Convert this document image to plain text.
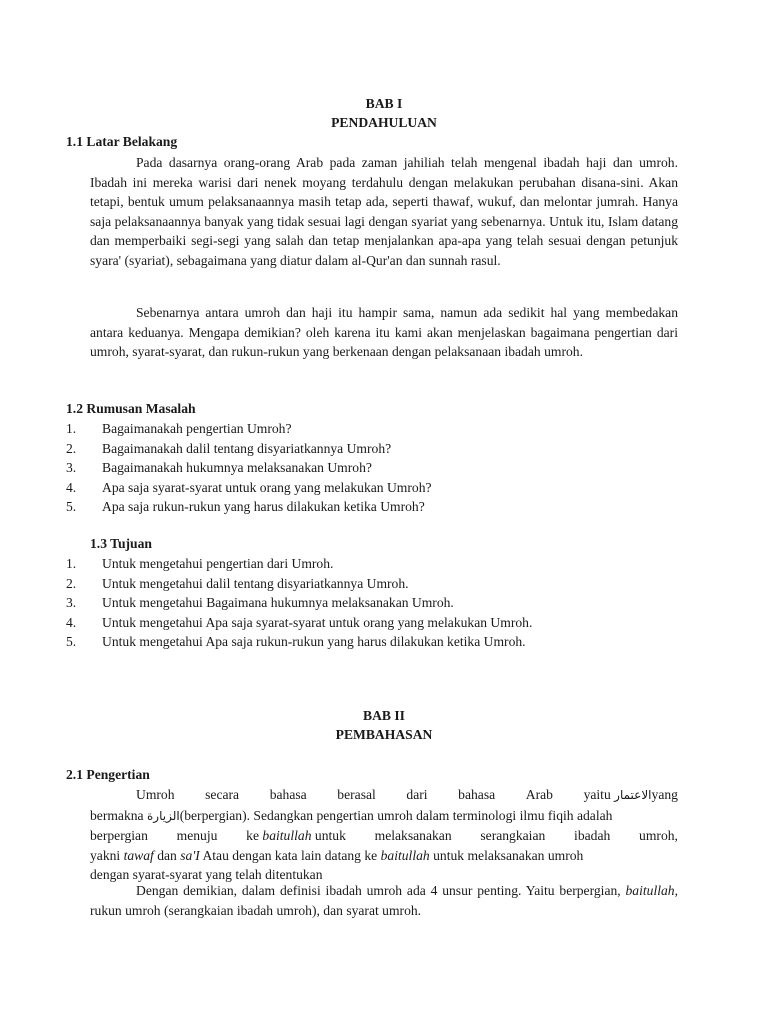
BAB I
PENDAHULUAN
1.1 Latar Belakang
Pada dasarnya orang-orang Arab pada zaman jahiliah telah mengenal ibadah haji dan umroh. Ibadah ini mereka warisi dari nenek moyang terdahulu dengan melakukan perubahan disana-sini. Akan tetapi, bentuk umum pelaksanaannya masih tetap ada, seperti thawaf, wukuf, dan melontar jumrah. Hanya saja pelaksanaannya banyak yang tidak sesuai lagi dengan syariat yang sebenarnya. Untuk itu, Islam datang dan memperbaiki segi-segi yang salah dan tetap menjalankan apa-apa yang telah sesuai dengan petunjuk syara' (syariat), sebagaimana yang diatur dalam al-Qur'an dan sunnah rasul.
Sebenarnya antara umroh dan haji itu hampir sama, namun ada sedikit hal yang membedakan antara keduanya. Mengapa demikian? oleh karena itu kami akan menjelaskan bagaimana pengertian dari umroh, syarat-syarat, dan rukun-rukun yang berkenaan dengan pelaksanaan ibadah umroh.
1.2 Rumusan Masalah
1. Bagaimanakah pengertian Umroh?
2. Bagaimanakah dalil tentang disyariatkannya Umroh?
3. Bagaimanakah hukumnya melaksanakan Umroh?
4. Apa saja syarat-syarat untuk orang yang melakukan Umroh?
5. Apa saja rukun-rukun yang harus dilakukan ketika Umroh?
1.3 Tujuan
1. Untuk mengetahui pengertian dari Umroh.
2. Untuk mengetahui dalil tentang disyariatkannya Umroh.
3. Untuk mengetahui Bagaimana hukumnya melaksanakan Umroh.
4. Untuk mengetahui Apa saja syarat-syarat untuk orang yang melakukan Umroh.
5. Untuk mengetahui Apa saja rukun-rukun yang harus dilakukan ketika Umroh.
BAB II
PEMBAHASAN
2.1 Pengertian
Umroh secara bahasa berasal dari bahasa Arab yaitu الاعتمارyang
bermakna الزيارة(berpergian). Sedangkan pengertian umroh dalam terminologi ilmu fiqih adalah
berpergian menuju ke baitullah untuk melaksanakan serangkaian ibadah umroh,
yakni tawaf dan sa'I Atau dengan kata lain datang ke baitullah untuk melaksanakan umroh
dengan syarat-syarat yang telah ditentukan
Dengan demikian, dalam definisi ibadah umroh ada 4 unsur penting. Yaitu berpergian, baitullah, rukun umroh (serangkaian ibadah umroh), dan syarat umroh.
